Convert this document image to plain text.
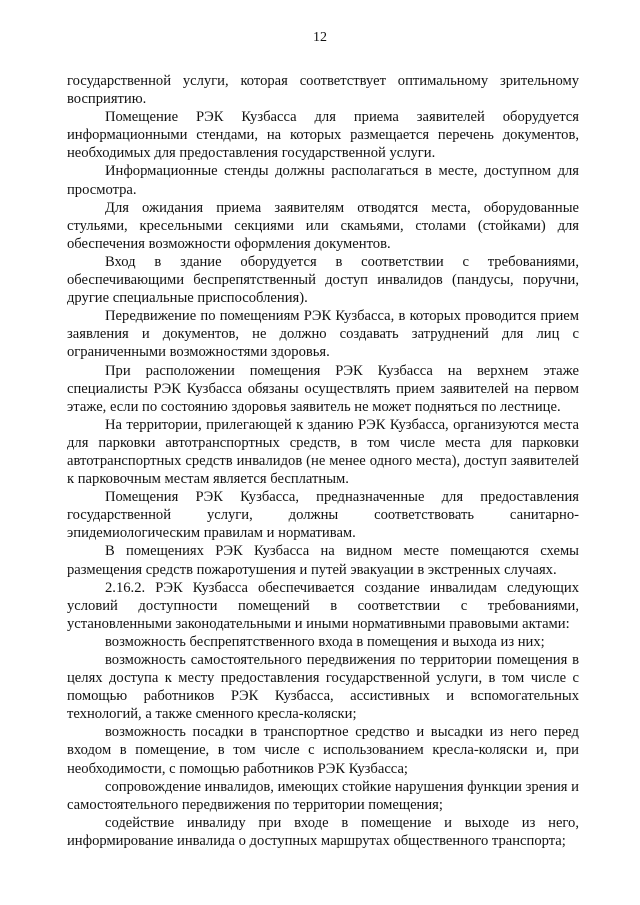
12

государственной услуги, которая соответствует оптимальному зрительному восприятию.

Помещение РЭК Кузбасса для приема заявителей оборудуется информационными стендами, на которых размещается перечень документов, необходимых для предоставления государственной услуги.

Информационные стенды должны располагаться в месте, доступном для просмотра.

Для ожидания приема заявителям отводятся места, оборудованные стульями, кресельными секциями или скамьями, столами (стойками) для обеспечения возможности оформления документов.

Вход в здание оборудуется в соответствии с требованиями, обеспечивающими беспрепятственный доступ инвалидов (пандусы, поручни, другие специальные приспособления).

Передвижение по помещениям РЭК Кузбасса, в которых проводится прием заявления и документов, не должно создавать затруднений для лиц с ограниченными возможностями здоровья.

При расположении помещения РЭК Кузбасса на верхнем этаже специалисты РЭК Кузбасса обязаны осуществлять прием заявителей на первом этаже, если по состоянию здоровья заявитель не может подняться по лестнице.

На территории, прилегающей к зданию РЭК Кузбасса, организуются места для парковки автотранспортных средств, в том числе места для парковки автотранспортных средств инвалидов (не менее одного места), доступ заявителей к парковочным местам является бесплатным.

Помещения РЭК Кузбасса, предназначенные для предоставления государственной услуги, должны соответствовать санитарно-эпидемиологическим правилам и нормативам.

В помещениях РЭК Кузбасса на видном месте помещаются схемы размещения средств пожаротушения и путей эвакуации в экстренных случаях.

2.16.2. РЭК Кузбасса обеспечивается создание инвалидам следующих условий доступности помещений в соответствии с требованиями, установленными законодательными и иными нормативными правовыми актами:

возможность беспрепятственного входа в помещения и выхода из них;

возможность самостоятельного передвижения по территории помещения в целях доступа к месту предоставления государственной услуги, в том числе с помощью работников РЭК Кузбасса, ассистивных и вспомогательных технологий, а также сменного кресла-коляски;

возможность посадки в транспортное средство и высадки из него перед входом в помещение, в том числе с использованием кресла-коляски и, при необходимости, с помощью работников РЭК Кузбасса;

сопровождение инвалидов, имеющих стойкие нарушения функции зрения и самостоятельного передвижения по территории помещения;

содействие инвалиду при входе в помещение и выходе из него, информирование инвалида о доступных маршрутах общественного транспорта;
